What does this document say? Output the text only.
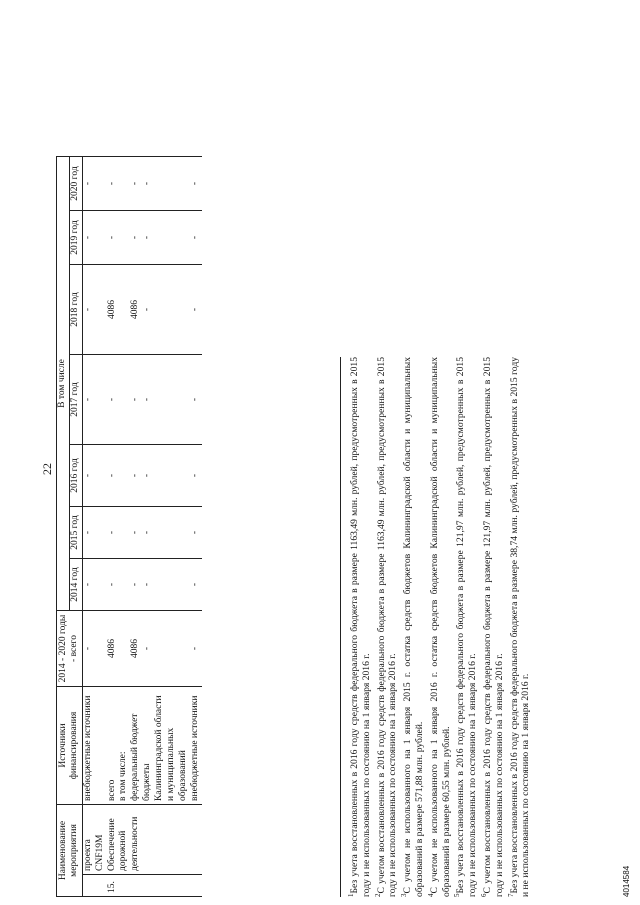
22
Наименование мероприятия		Источники финансирования	2014 - 2020 годы - всего	В том числе						
				2014 год	2015 год	2016 год	2017 год	2018 год	2019 год	2020 год
	проекта CNF19M	внебюджетные источники	-	-	-	-	-	-	-	-
15.	Обеспечение	всего	4086	-	-	-	-	4086	-	-
	дорожной	в том числе:								
	деятельности	федеральный бюджет	4086	-	-	-	-	4086	-	-
		бюджеты Калининградской области и муниципальных образований	-	-	-	-	-	-	-	-
		внебюджетные источники	-	-	-	-	-	-	-	-

$^1$Без учета восстановленных в 2016 году средств федерального бюджета в размере 1163,49 млн. рублей, предусмотренных в 2015 году и не использованных по состоянию на 1 января 2016 г. $^2$С учетом восстановленных в 2016 году средств федерального бюджета в размере 1163,49 млн. рублей, предусмотренных в 2015 году и не использованных по состоянию на 1 января 2016 г. $^3$С учетом не использованного на 1 января 2015 г. остатка средств бюджетов Калининградской области и муниципальных образований в размере 571,88 млн. рублей. $^4$С учетом не использованного на 1 января 2016 г. остатка средств бюджетов Калининградской области и муниципальных образований в размере 60,55 млн. рублей. $^5$Без учета восстановленных в 2016 году средств федерального бюджета в размере 121,97 млн. рублей, предусмотренных в 2015 году и не использованных по состоянию на 1 января 2016 г. $^6$С учетом восстановленных в 2016 году средств федерального бюджета в размере 121,97 млн. рублей, предусмотренных в 2015 году и не использованных по состоянию на 1 января 2016 г. $^7$Без учета восстановленных в 2016 году средств федерального бюджета в размере 38,74 млн. рублей, предусмотренных в 2015 году и не использованных по состоянию на 1 января 2016 г.	4014584
